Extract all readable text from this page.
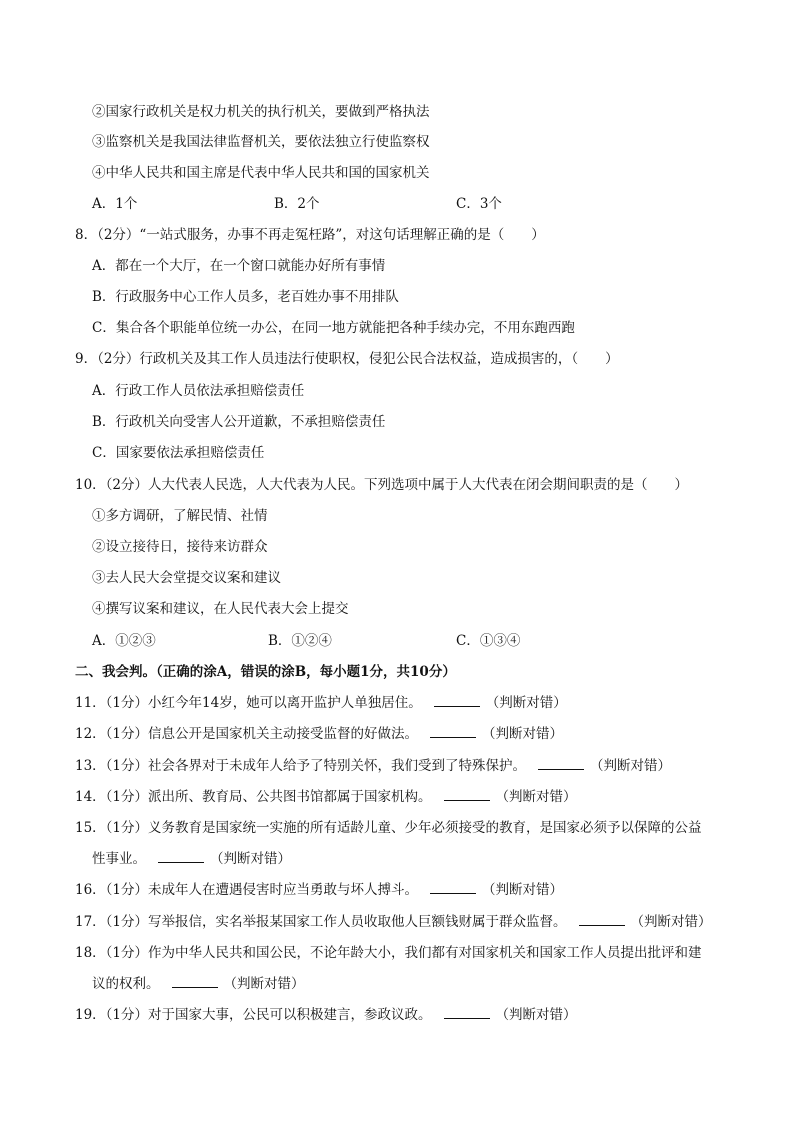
②国家行政机关是权力机关的执行机关，要做到严格执法
③监察机关是我国法律监督机关，要依法独立行使监察权
④中华人民共和国主席是代表中华人民共和国的国家机关
A．1个	B．2个	C．3个
8．（2分）“一站式服务，办事不再走冤枉路”，对这句话理解正确的是（　　）
A．都在一个大厅，在一个窗口就能办好所有事情
B．行政服务中心工作人员多，老百姓办事不用排队
C．集合各个职能单位统一办公，在同一地方就能把各种手续办完，不用东跑西跑
9．（2分）行政机关及其工作人员违法行使职权，侵犯公民合法权益，造成损害的，（　　）
A．行政工作人员依法承担赔偿责任
B．行政机关向受害人公开道歉，不承担赔偿责任
C．国家要依法承担赔偿责任
10．（2分）人大代表人民选，人大代表为人民。下列选项中属于人大代表在闭会期间职责的是（　　）
①多方调研，了解民情、社情
②设立接待日，接待来访群众
③去人民大会堂提交议案和建议
④撰写议案和建议，在人民代表大会上提交
A．①②③	B．①②④	C．①③④
二、我会判。（正确的涂A，错误的涂B，每小题1分，共10分）
11．（1分）小红今年14岁，她可以离开监护人单独居住。	（判断对错）
12．（1分）信息公开是国家机关主动接受监督的好做法。	（判断对错）
13．（1分）社会各界对于未成年人给予了特别关怀，我们受到了特殊保护。	（判断对错）
14．（1分）派出所、教育局、公共图书馆都属于国家机构。	（判断对错）
15．（1分）义务教育是国家统一实施的所有适龄儿童、少年必须接受的教育，是国家必须予以保障的公益
性事业。	（判断对错）
16．（1分）未成年人在遭遇侵害时应当勇敢与坏人搏斗。	（判断对错）
17．（1分）写举报信，实名举报某国家工作人员收取他人巨额钱财属于群众监督。	（判断对错）
18．（1分）作为中华人民共和国公民，不论年龄大小，我们都有对国家机关和国家工作人员提出批评和建
议的权利。	（判断对错）
19．（1分）对于国家大事，公民可以积极建言，参政议政。	（判断对错）
